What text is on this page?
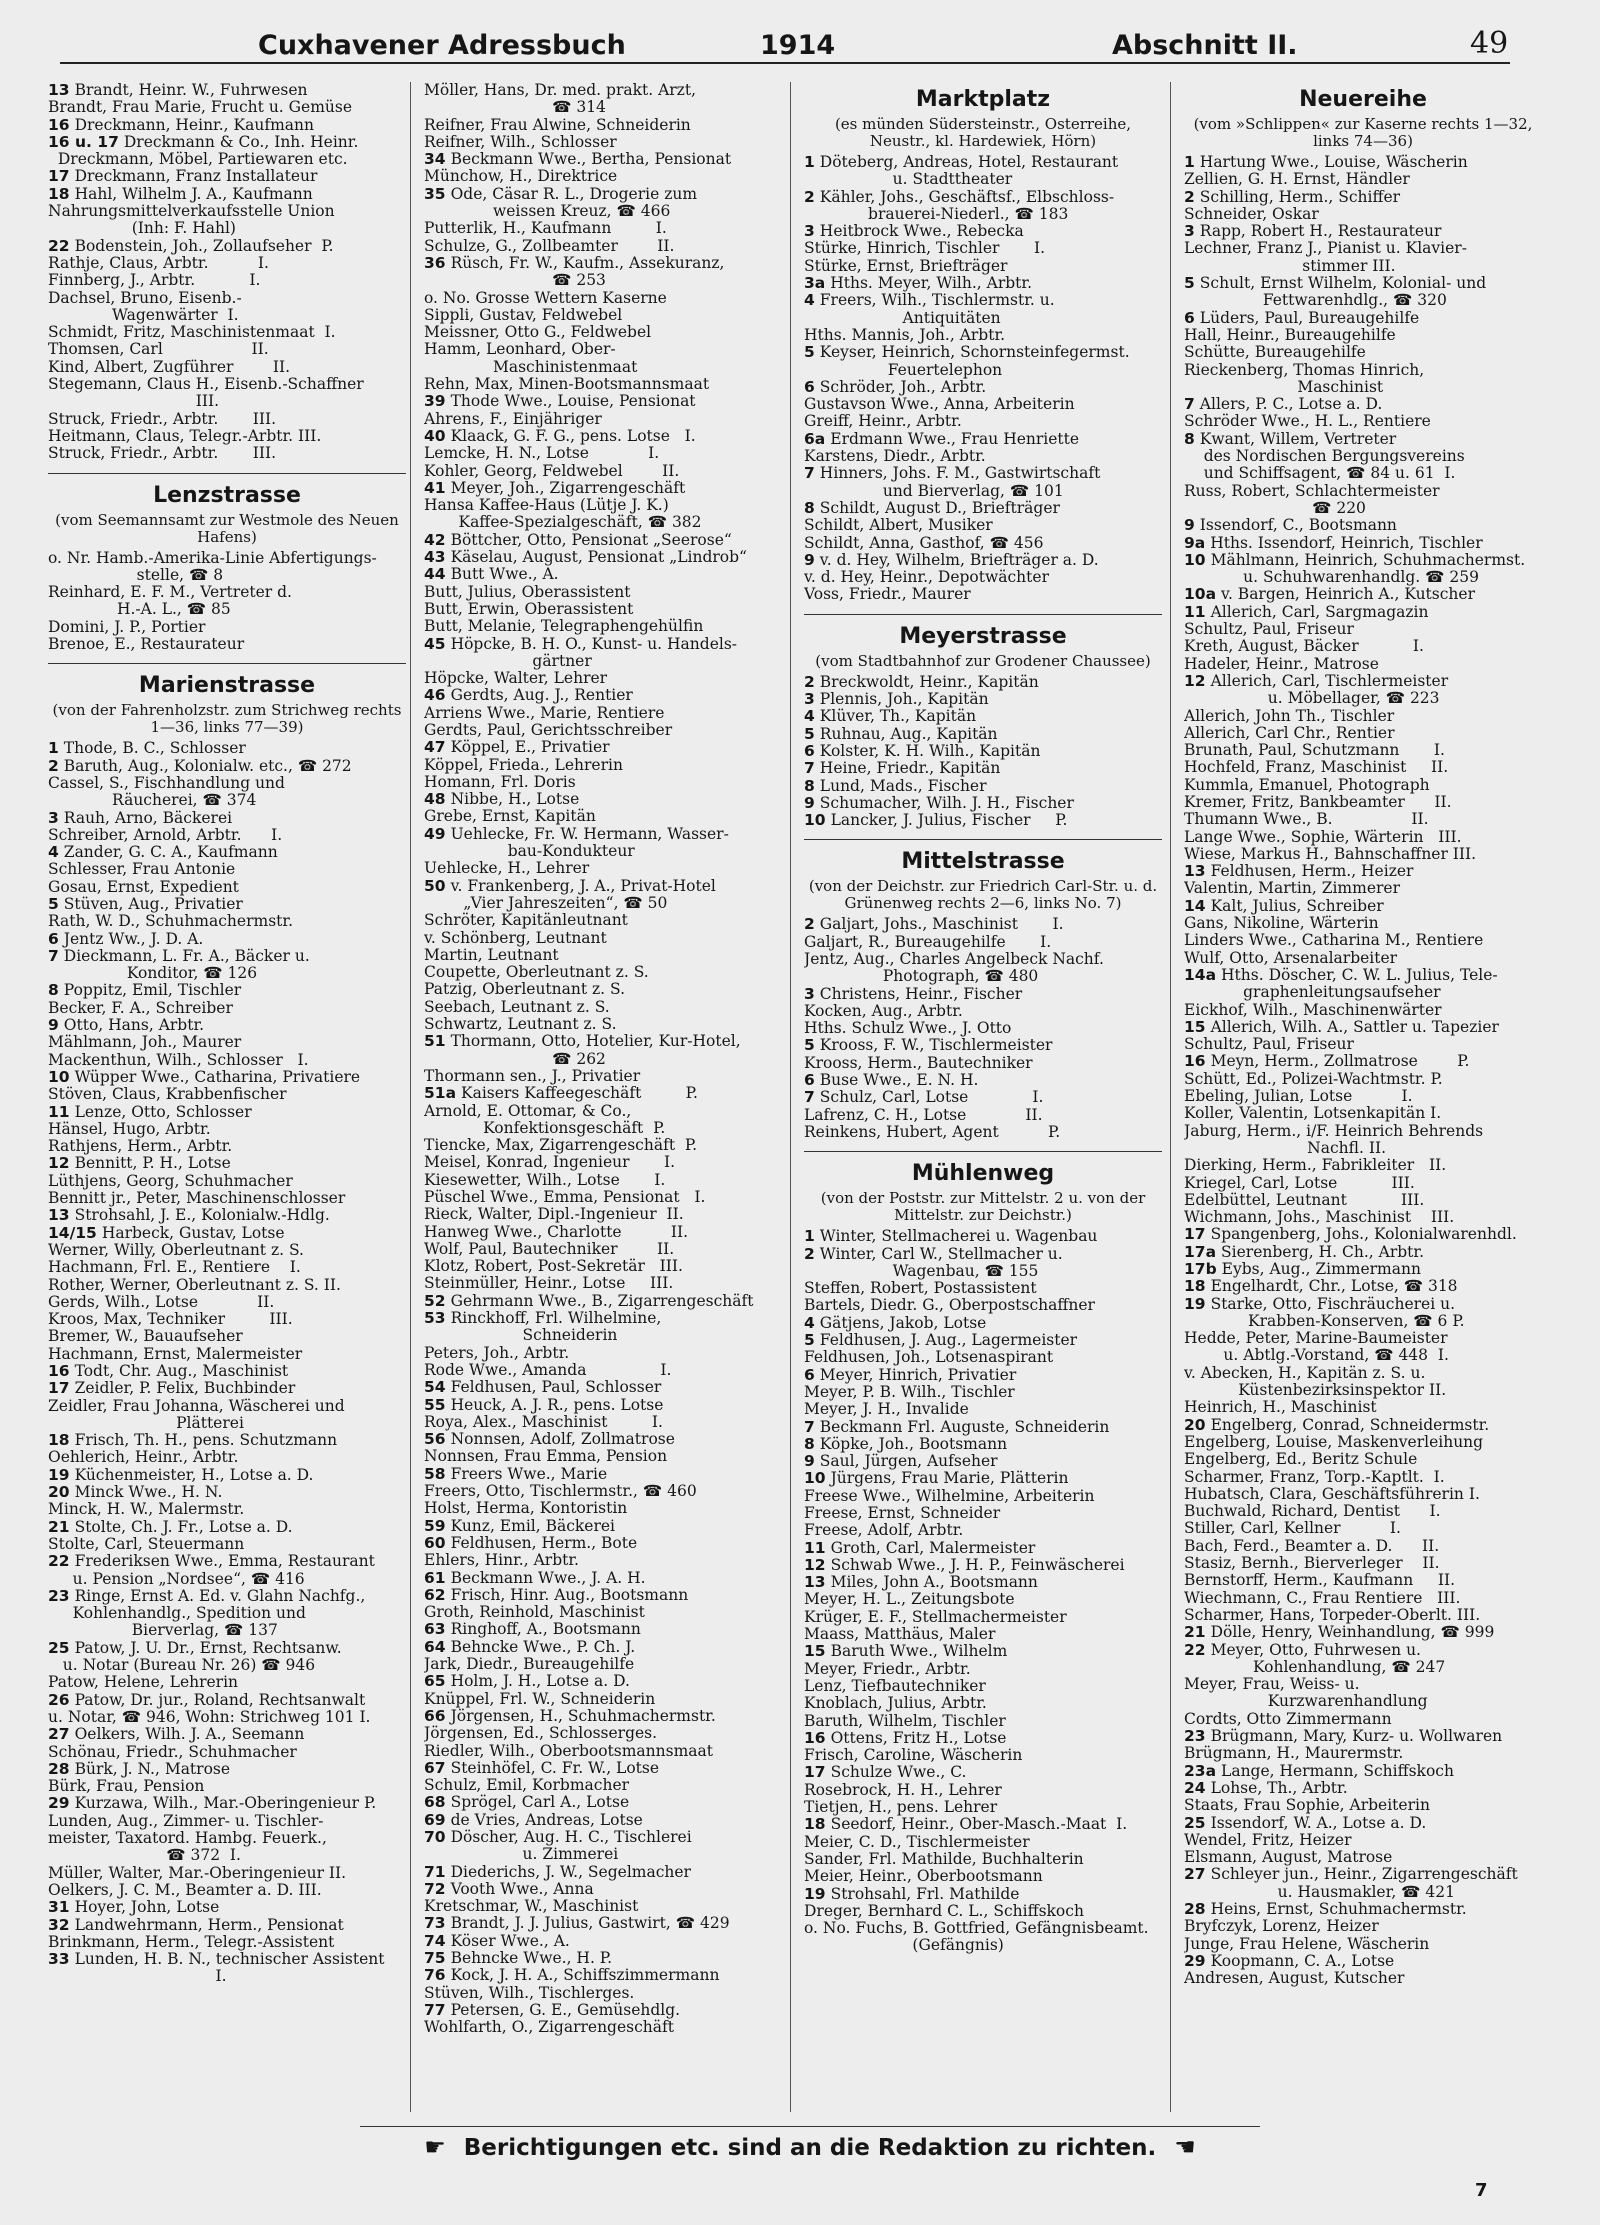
Cuxhavener Adressbuch	1914	Abschnitt II.	49
13 Brandt, Heinr. W., Fuhrwesen
Brandt, Frau Marie, Frucht u. Gemüse
16 Dreckmann, Heinr., Kaufmann
16 u. 17 Dreckmann & Co., Inh. Heinr.
Dreckmann, Möbel, Partiewaren etc.
17 Dreckmann, Franz Installateur
18 Hahl, Wilhelm J. A., Kaufmann
Nahrungsmittelverkaufsstelle Union
(Inh: F. Hahl)
22 Bodenstein, Joh., Zollaufseher  P.
Rathje, Claus, Arbtr.          I.
Finnberg, J., Arbtr.           I.
Dachsel, Bruno, Eisenb.-
Wagenwärter  I.
Schmidt, Fritz, Maschinistenmaat  I.
Thomsen, Carl                  II.
Kind, Albert, Zugführer        II.
Stegemann, Claus H., Eisenb.-Schaffner
III.
Struck, Friedr., Arbtr.       III.
Heitmann, Claus, Telegr.-Arbtr. III.
Struck, Friedr., Arbtr.       III.
Lenzstrasse
(vom Seemannsamt zur Westmole des Neuen Hafens)
o. Nr. Hamb.-Amerika-Linie Abfertigungs-
stelle, ☎ 8
Reinhard, E. F. M., Vertreter d.
H.-A. L., ☎ 85
Domini, J. P., Portier
Brenoe, E., Restaurateur
Marienstrasse
(von der Fahrenholzstr. zum Strichweg rechts 1—36, links 77—39)
1 Thode, B. C., Schlosser
2 Baruth, Aug., Kolonialw. etc., ☎ 272
Cassel, S., Fischhandlung und
Räucherei, ☎ 374
3 Rauh, Arno, Bäckerei
Schreiber, Arnold, Arbtr.      I.
4 Zander, G. C. A., Kaufmann
Schlesser, Frau Antonie
Gosau, Ernst, Expedient
5 Stüven, Aug., Privatier
Rath, W. D., Schuhmachermstr.
6 Jentz Ww., J. D. A.
7 Dieckmann, L. Fr. A., Bäcker u.
Konditor, ☎ 126
8 Poppitz, Emil, Tischler
Becker, F. A., Schreiber
9 Otto, Hans, Arbtr.
Mählmann, Joh., Maurer
Mackenthun, Wilh., Schlosser   I.
10 Wüpper Wwe., Catharina, Privatiere
Stöven, Claus, Krabbenfischer
11 Lenze, Otto, Schlosser
Hänsel, Hugo, Arbtr.
Rathjens, Herm., Arbtr.
12 Bennitt, P. H., Lotse
Lüthjens, Georg, Schuhmacher
Bennitt jr., Peter, Maschinenschlosser
13 Strohsahl, J. E., Kolonialw.-Hdlg.
14/15 Harbeck, Gustav, Lotse
Werner, Willy, Oberleutnant z. S.
Hachmann, Frl. E., Rentiere    I.
Rother, Werner, Oberleutnant z. S. II.
Gerds, Wilh., Lotse            II.
Kroos, Max, Techniker         III.
Bremer, W., Bauaufseher
Hachmann, Ernst, Malermeister
16 Todt, Chr. Aug., Maschinist
17 Zeidler, P. Felix, Buchbinder
Zeidler, Frau Johanna, Wäscherei und
Plätterei
18 Frisch, Th. H., pens. Schutzmann
Oehlerich, Heinr., Arbtr.
19 Küchenmeister, H., Lotse a. D.
20 Minck Wwe., H. N.
Minck, H. W., Malermstr.
21 Stolte, Ch. J. Fr., Lotse a. D.
Stolte, Carl, Steuermann
22 Frederiksen Wwe., Emma, Restaurant
u. Pension „Nordsee“, ☎ 416
23 Ringe, Ernst A. Ed. v. Glahn Nachfg.,
Kohlenhandlg., Spedition und
Bierverlag, ☎ 137
25 Patow, J. U. Dr., Ernst, Rechtsanw.
u. Notar (Bureau Nr. 26) ☎ 946
Patow, Helene, Lehrerin
26 Patow, Dr. jur., Roland, Rechtsanwalt
u. Notar, ☎ 946, Wohn: Strichweg 101 I.
27 Oelkers, Wilh. J. A., Seemann
Schönau, Friedr., Schuhmacher
28 Bürk, J. N., Matrose
Bürk, Frau, Pension
29 Kurzawa, Wilh., Mar.-Oberingenieur P.
Lunden, Aug., Zimmer- u. Tischler-
meister, Taxatord. Hambg. Feuerk.,
☎ 372  I.
Müller, Walter, Mar.-Oberingenieur II.
Oelkers, J. C. M., Beamter a. D. III.
31 Hoyer, John, Lotse
32 Landwehrmann, Herm., Pensionat
Brinkmann, Herm., Telegr.-Assistent
33 Lunden, H. B. N., technischer Assistent
I.
Möller, Hans, Dr. med. prakt. Arzt,
☎ 314
Reifner, Frau Alwine, Schneiderin
Reifner, Wilh., Schlosser
34 Beckmann Wwe., Bertha, Pensionat
Münchow, H., Direktrice
35 Ode, Cäsar R. L., Drogerie zum
weissen Kreuz, ☎ 466
Putterlik, H., Kaufmann         I.
Schulze, G., Zollbeamter        II.
36 Rüsch, Fr. W., Kaufm., Assekuranz,
☎ 253
o. No. Grosse Wettern Kaserne
Sippli, Gustav, Feldwebel
Meissner, Otto G., Feldwebel
Hamm, Leonhard, Ober-
Maschinistenmaat
Rehn, Max, Minen-Bootsmannsmaat
39 Thode Wwe., Louise, Pensionat
Ahrens, F., Einjähriger
40 Klaack, G. F. G., pens. Lotse   I.
Lemcke, H. N., Lotse            I.
Kohler, Georg, Feldwebel        II.
41 Meyer, Joh., Zigarrengeschäft
Hansa Kaffee-Haus (Lütje J. K.)
Kaffee-Spezialgeschäft, ☎ 382
42 Böttcher, Otto, Pensionat „Seerose“
43 Käselau, August, Pensionat „Lindrob“
44 Butt Wwe., A.
Butt, Julius, Oberassistent
Butt, Erwin, Oberassistent
Butt, Melanie, Telegraphengehülfin
45 Höpcke, B. H. O., Kunst- u. Handels-
gärtner
Höpcke, Walter, Lehrer
46 Gerdts, Aug. J., Rentier
Arriens Wwe., Marie, Rentiere
Gerdts, Paul, Gerichtsschreiber
47 Köppel, E., Privatier
Köppel, Frieda., Lehrerin
Homann, Frl. Doris
48 Nibbe, H., Lotse
Grebe, Ernst, Kapitän
49 Uehlecke, Fr. W. Hermann, Wasser-
bau-Kondukteur
Uehlecke, H., Lehrer
50 v. Frankenberg, J. A., Privat-Hotel
„Vier Jahreszeiten“, ☎ 50
Schröter, Kapitänleutnant
v. Schönberg, Leutnant
Martin, Leutnant
Coupette, Oberleutnant z. S.
Patzig, Oberleutnant z. S.
Seebach, Leutnant z. S.
Schwartz, Leutnant z. S.
51 Thormann, Otto, Hotelier, Kur-Hotel,
☎ 262
Thormann sen., J., Privatier
51a Kaisers Kaffeegeschäft         P.
Arnold, E. Ottomar, & Co.,
Konfektionsgeschäft  P.
Tiencke, Max, Zigarrengeschäft  P.
Meisel, Konrad, Ingenieur       I.
Kiesewetter, Wilh., Lotse       I.
Püschel Wwe., Emma, Pensionat   I.
Rieck, Walter, Dipl.-Ingenieur  II.
Hanweg Wwe., Charlotte          II.
Wolf, Paul, Bautechniker        II.
Klotz, Robert, Post-Sekretär   III.
Steinmüller, Heinr., Lotse     III.
52 Gehrmann Wwe., B., Zigarrengeschäft
53 Rinckhoff, Frl. Wilhelmine,
Schneiderin
Peters, Joh., Arbtr.
Rode Wwe., Amanda               I.
54 Feldhusen, Paul, Schlosser
55 Heuck, A. J. R., pens. Lotse
Roya, Alex., Maschinist         I.
56 Nonnsen, Adolf, Zollmatrose
Nonnsen, Frau Emma, Pension
58 Freers Wwe., Marie
Freers, Otto, Tischlermstr., ☎ 460
Holst, Herma, Kontoristin
59 Kunz, Emil, Bäckerei
60 Feldhusen, Herm., Bote
Ehlers, Hinr., Arbtr.
61 Beckmann Wwe., J. A. H.
62 Frisch, Hinr. Aug., Bootsmann
Groth, Reinhold, Maschinist
63 Ringhoff, A., Bootsmann
64 Behncke Wwe., P. Ch. J.
Jark, Diedr., Bureaugehilfe
65 Holm, J. H., Lotse a. D.
Knüppel, Frl. W., Schneiderin
66 Jörgensen, H., Schuhmachermstr.
Jörgensen, Ed., Schlosserges.
Riedler, Wilh., Oberbootsmannsmaat
67 Steinhöfel, C. Fr. W., Lotse
Schulz, Emil, Korbmacher
68 Sprögel, Carl A., Lotse
69 de Vries, Andreas, Lotse
70 Döscher, Aug. H. C., Tischlerei
u. Zimmerei
71 Diederichs, J. W., Segelmacher
72 Vooth Wwe., Anna
Kretschmar, W., Maschinist
73 Brandt, J. J. Julius, Gastwirt, ☎ 429
74 Köser Wwe., A.
75 Behncke Wwe., H. P.
76 Kock, J. H. A., Schiffszimmermann
Stüven, Wilh., Tischlerges.
77 Petersen, G. E., Gemüsehdlg.
Wohlfarth, O., Zigarrengeschäft
Marktplatz
(es münden Südersteinstr., Osterreihe, Neustr., kl. Hardewiek, Hörn)
1 Döteberg, Andreas, Hotel, Restaurant
u. Stadttheater
2 Kähler, Johs., Geschäftsf., Elbschloss-
brauerei-Niederl., ☎ 183
3 Heitbrock Wwe., Rebecka
Stürke, Hinrich, Tischler       I.
Stürke, Ernst, Briefträger
3a Hths. Meyer, Wilh., Arbtr.
4 Freers, Wilh., Tischlermstr. u.
Antiquitäten
Hths. Mannis, Joh., Arbtr.
5 Keyser, Heinrich, Schornsteinfegermst.
Feuertelephon
6 Schröder, Joh., Arbtr.
Gustavson Wwe., Anna, Arbeiterin
Greiff, Heinr., Arbtr.
6a Erdmann Wwe., Frau Henriette
Karstens, Diedr., Arbtr.
7 Hinners, Johs. F. M., Gastwirtschaft
und Bierverlag, ☎ 101
8 Schildt, August D., Briefträger
Schildt, Albert, Musiker
Schildt, Anna, Gasthof, ☎ 456
9 v. d. Hey, Wilhelm, Briefträger a. D.
v. d. Hey, Heinr., Depotwächter
Voss, Friedr., Maurer
Meyerstrasse
(vom Stadtbahnhof zur Grodener Chaussee)
2 Breckwoldt, Heinr., Kapitän
3 Plennis, Joh., Kapitän
4 Klüver, Th., Kapitän
5 Ruhnau, Aug., Kapitän
6 Kolster, K. H. Wilh., Kapitän
7 Heine, Friedr., Kapitän
8 Lund, Mads., Fischer
9 Schumacher, Wilh. J. H., Fischer
10 Lancker, J. Julius, Fischer     P.
Mittelstrasse
(von der Deichstr. zur Friedrich Carl-Str. u. d. Grünenweg rechts 2—6, links No. 7)
2 Galjart, Johs., Maschinist       I.
Galjart, R., Bureaugehilfe       I.
Jentz, Aug., Charles Angelbeck Nachf.
Photograph, ☎ 480
3 Christens, Heinr., Fischer
Kocken, Aug., Arbtr.
Hths. Schulz Wwe., J. Otto
5 Krooss, F. W., Tischlermeister
Krooss, Herm., Bautechniker
6 Buse Wwe., E. N. H.
7 Schulz, Carl, Lotse             I.
Lafrenz, C. H., Lotse            II.
Reinkens, Hubert, Agent          P.
Mühlenweg
(von der Poststr. zur Mittelstr. 2 u. von der Mittelstr. zur Deichstr.)
1 Winter, Stellmacherei u. Wagenbau
2 Winter, Carl W., Stellmacher u.
Wagenbau, ☎ 155
Steffen, Robert, Postassistent
Bartels, Diedr. G., Oberpostschaffner
4 Gätjens, Jakob, Lotse
5 Feldhusen, J. Aug., Lagermeister
Feldhusen, Joh., Lotsenaspirant
6 Meyer, Hinrich, Privatier
Meyer, P. B. Wilh., Tischler
Meyer, J. H., Invalide
7 Beckmann Frl. Auguste, Schneiderin
8 Köpke, Joh., Bootsmann
9 Saul, Jürgen, Aufseher
10 Jürgens, Frau Marie, Plätterin
Freese Wwe., Wilhelmine, Arbeiterin
Freese, Ernst, Schneider
Freese, Adolf, Arbtr.
11 Groth, Carl, Malermeister
12 Schwab Wwe., J. H. P., Feinwäscherei
13 Miles, John A., Bootsmann
Meyer, H. L., Zeitungsbote
Krüger, E. F., Stellmachermeister
Maass, Matthäus, Maler
15 Baruth Wwe., Wilhelm
Meyer, Friedr., Arbtr.
Lenz, Tiefbautechniker
Knoblach, Julius, Arbtr.
Baruth, Wilhelm, Tischler
16 Ottens, Fritz H., Lotse
Frisch, Caroline, Wäscherin
17 Schulze Wwe., C.
Rosebrock, H. H., Lehrer
Tietjen, H., pens. Lehrer
18 Seedorf, Heinr., Ober-Masch.-Maat  I.
Meier, C. D., Tischlermeister
Sander, Frl. Mathilde, Buchhalterin
Meier, Heinr., Oberbootsmann
19 Strohsahl, Frl. Mathilde
Dreger, Bernhard C. L., Schiffskoch
o. No. Fuchs, B. Gottfried, Gefängnisbeamt.
(Gefängnis)
Neuereihe
(vom »Schlippen« zur Kaserne rechts 1—32, links 74—36)
1 Hartung Wwe., Louise, Wäscherin
Zellien, G. H. Ernst, Händler
2 Schilling, Herm., Schiffer
Schneider, Oskar
3 Rapp, Robert H., Restaurateur
Lechner, Franz J., Pianist u. Klavier-
stimmer III.
5 Schult, Ernst Wilhelm, Kolonial- und
Fettwarenhdlg., ☎ 320
6 Lüders, Paul, Bureaugehilfe
Hall, Heinr., Bureaugehilfe
Schütte, Bureaugehilfe
Rieckenberg, Thomas Hinrich,
Maschinist
7 Allers, P. C., Lotse a. D.
Schröder Wwe., H. L., Rentiere
8 Kwant, Willem, Vertreter
des Nordischen Bergungsvereins
und Schiffsagent, ☎ 84 u. 61  I.
Russ, Robert, Schlachtermeister
☎ 220
9 Issendorf, C., Bootsmann
9a Hths. Issendorf, Heinrich, Tischler
10 Mählmann, Heinrich, Schuhmachermst.
u. Schuhwarenhandlg. ☎ 259
10a v. Bargen, Heinrich A., Kutscher
11 Allerich, Carl, Sargmagazin
Schultz, Paul, Friseur
Kreth, August, Bäcker           I.
Hadeler, Heinr., Matrose
12 Allerich, Carl, Tischlermeister
u. Möbellager, ☎ 223
Allerich, John Th., Tischler
Allerich, Carl Chr., Rentier
Brunath, Paul, Schutzmann       I.
Hochfeld, Franz, Maschinist     II.
Kummla, Emanuel, Photograph
Kremer, Fritz, Bankbeamter      II.
Thumann Wwe., B.                II.
Lange Wwe., Sophie, Wärterin   III.
Wiese, Markus H., Bahnschaffner III.
13 Feldhusen, Herm., Heizer
Valentin, Martin, Zimmerer
14 Kalt, Julius, Schreiber
Gans, Nikoline, Wärterin
Linders Wwe., Catharina M., Rentiere
Wulf, Otto, Arsenalarbeiter
14a Hths. Döscher, C. W. L. Julius, Tele-
graphenleitungsaufseher
Eickhof, Wilh., Maschinenwärter
15 Allerich, Wilh. A., Sattler u. Tapezier
Schultz, Paul, Friseur
16 Meyn, Herm., Zollmatrose        P.
Schütt, Ed., Polizei-Wachtmstr. P.
Ebeling, Julian, Lotse          I.
Koller, Valentin, Lotsenkapitän I.
Jaburg, Herm., i/F. Heinrich Behrends
Nachfl. II.
Dierking, Herm., Fabrikleiter   II.
Kriegel, Carl, Lotse           III.
Edelbüttel, Leutnant           III.
Wichmann, Johs., Maschinist    III.
17 Spangenberg, Johs., Kolonialwarenhdl.
17a Sierenberg, H. Ch., Arbtr.
17b Eybs, Aug., Zimmermann
18 Engelhardt, Chr., Lotse, ☎ 318
19 Starke, Otto, Fischräucherei u.
Krabben-Konserven, ☎ 6 P.
Hedde, Peter, Marine-Baumeister
u. Abtlg.-Vorstand, ☎ 448  I.
v. Abecken, H., Kapitän z. S. u.
Küstenbezirksinspektor II.
Heinrich, H., Maschinist
20 Engelberg, Conrad, Schneidermstr.
Engelberg, Louise, Maskenverleihung
Engelberg, Ed., Beritz Schule
Scharmer, Franz, Torp.-Kaptlt.  I.
Hubatsch, Clara, Geschäftsführerin I.
Buchwald, Richard, Dentist      I.
Stiller, Carl, Kellner          I.
Bach, Ferd., Beamter a. D.      II.
Stasiz, Bernh., Bierverleger    II.
Bernstorff, Herm., Kaufmann     II.
Wiechmann, C., Frau Rentiere   III.
Scharmer, Hans, Torpeder-Oberlt. III.
21 Dölle, Henry, Weinhandlung, ☎ 999
22 Meyer, Otto, Fuhrwesen u.
Kohlenhandlung, ☎ 247
Meyer, Frau, Weiss- u.
Kurzwarenhandlung
Cordts, Otto Zimmermann
23 Brügmann, Mary, Kurz- u. Wollwaren
Brügmann, H., Maurermstr.
23a Lange, Hermann, Schiffskoch
24 Lohse, Th., Arbtr.
Staats, Frau Sophie, Arbeiterin
25 Issendorf, W. A., Lotse a. D.
Wendel, Fritz, Heizer
Elsmann, August, Matrose
27 Schleyer jun., Heinr., Zigarrengeschäft
u. Hausmakler, ☎ 421
28 Heins, Ernst, Schuhmachermstr.
Bryfczyk, Lorenz, Heizer
Junge, Frau Helene, Wäscherin
29 Koopmann, C. A., Lotse
Andresen, August, Kutscher
☛ Berichtigungen etc. sind an die Redaktion zu richten. ☚
7
